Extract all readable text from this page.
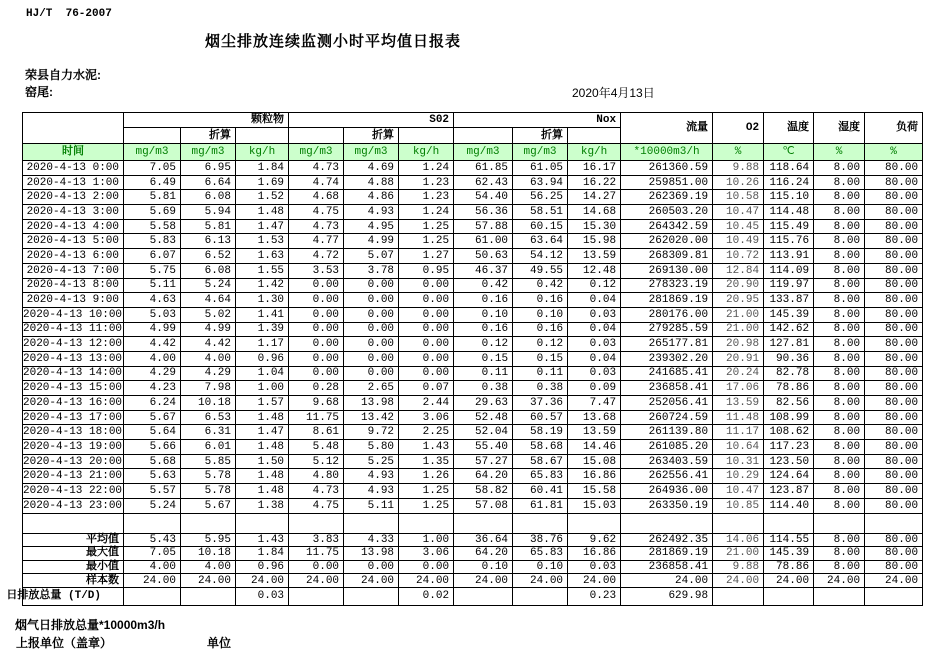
HJ/T  76-2007
烟尘排放连续监测小时平均值日报表
荣县自力水泥:
窑尾:	2020年4月13日
	颗粒物			S02			Nox			流量	O2	温度	湿度	负荷
		折算			折算			折算						
时间	mg/m3	mg/m3	kg/h	mg/m3	mg/m3	kg/h	mg/m3	mg/m3	kg/h	*10000m3/h	%	℃	%	%
2020-4-13 0:00	7.05	6.95	1.84	4.73	4.69	1.24	61.85	61.05	16.17	261360.59	9.88	118.64	8.00	80.00
2020-4-13 1:00	6.49	6.64	1.69	4.74	4.88	1.23	62.43	63.94	16.22	259851.00	10.26	116.24	8.00	80.00
2020-4-13 2:00	5.81	6.08	1.52	4.68	4.86	1.23	54.40	56.25	14.27	262369.19	10.58	115.10	8.00	80.00
2020-4-13 3:00	5.69	5.94	1.48	4.75	4.93	1.24	56.36	58.51	14.68	260503.20	10.47	114.48	8.00	80.00
2020-4-13 4:00	5.58	5.81	1.47	4.73	4.95	1.25	57.88	60.15	15.30	264342.59	10.45	115.49	8.00	80.00
2020-4-13 5:00	5.83	6.13	1.53	4.77	4.99	1.25	61.00	63.64	15.98	262020.00	10.49	115.76	8.00	80.00
2020-4-13 6:00	6.07	6.52	1.63	4.72	5.07	1.27	50.63	54.12	13.59	268309.81	10.72	113.91	8.00	80.00
2020-4-13 7:00	5.75	6.08	1.55	3.53	3.78	0.95	46.37	49.55	12.48	269130.00	12.84	114.09	8.00	80.00
2020-4-13 8:00	5.11	5.24	1.42	0.00	0.00	0.00	0.42	0.42	0.12	278323.19	20.90	119.97	8.00	80.00
2020-4-13 9:00	4.63	4.64	1.30	0.00	0.00	0.00	0.16	0.16	0.04	281869.19	20.95	133.87	8.00	80.00
2020-4-13 10:00	5.03	5.02	1.41	0.00	0.00	0.00	0.10	0.10	0.03	280176.00	21.00	145.39	8.00	80.00
2020-4-13 11:00	4.99	4.99	1.39	0.00	0.00	0.00	0.16	0.16	0.04	279285.59	21.00	142.62	8.00	80.00
2020-4-13 12:00	4.42	4.42	1.17	0.00	0.00	0.00	0.12	0.12	0.03	265177.81	20.98	127.81	8.00	80.00
2020-4-13 13:00	4.00	4.00	0.96	0.00	0.00	0.00	0.15	0.15	0.04	239302.20	20.91	90.36	8.00	80.00
2020-4-13 14:00	4.29	4.29	1.04	0.00	0.00	0.00	0.11	0.11	0.03	241685.41	20.24	82.78	8.00	80.00
2020-4-13 15:00	4.23	7.98	1.00	0.28	2.65	0.07	0.38	0.38	0.09	236858.41	17.06	78.86	8.00	80.00
2020-4-13 16:00	6.24	10.18	1.57	9.68	13.98	2.44	29.63	37.36	7.47	252056.41	13.59	82.56	8.00	80.00
2020-4-13 17:00	5.67	6.53	1.48	11.75	13.42	3.06	52.48	60.57	13.68	260724.59	11.48	108.99	8.00	80.00
2020-4-13 18:00	5.64	6.31	1.47	8.61	9.72	2.25	52.04	58.19	13.59	261139.80	11.17	108.62	8.00	80.00
2020-4-13 19:00	5.66	6.01	1.48	5.48	5.80	1.43	55.40	58.68	14.46	261085.20	10.64	117.23	8.00	80.00
2020-4-13 20:00	5.68	5.85	1.50	5.12	5.25	1.35	57.27	58.67	15.08	263403.59	10.31	123.50	8.00	80.00
2020-4-13 21:00	5.63	5.78	1.48	4.80	4.93	1.26	64.20	65.83	16.86	262556.41	10.29	124.64	8.00	80.00
2020-4-13 22:00	5.57	5.78	1.48	4.73	4.93	1.25	58.82	60.41	15.58	264936.00	10.47	123.87	8.00	80.00
2020-4-13 23:00	5.24	5.67	1.38	4.75	5.11	1.25	57.08	61.81	15.03	263350.19	10.85	114.40	8.00	80.00

平均值	5.43	5.95	1.43	3.83	4.33	1.00	36.64	38.76	9.62	262492.35	14.06	114.55	8.00	80.00
最大值	7.05	10.18	1.84	11.75	13.98	3.06	64.20	65.83	16.86	281869.19	21.00	145.39	8.00	80.00
最小值	4.00	4.00	0.96	0.00	0.00	0.00	0.10	0.10	0.03	236858.41	9.88	78.86	8.00	80.00
样本数	24.00	24.00	24.00	24.00	24.00	24.00	24.00	24.00	24.00	24.00	24.00	24.00	24.00	24.00
日排放总量 (T/D)			0.03			0.02			0.23	629.98				
烟气日排放总量*10000m3/h
上报单位（盖章）	单位
